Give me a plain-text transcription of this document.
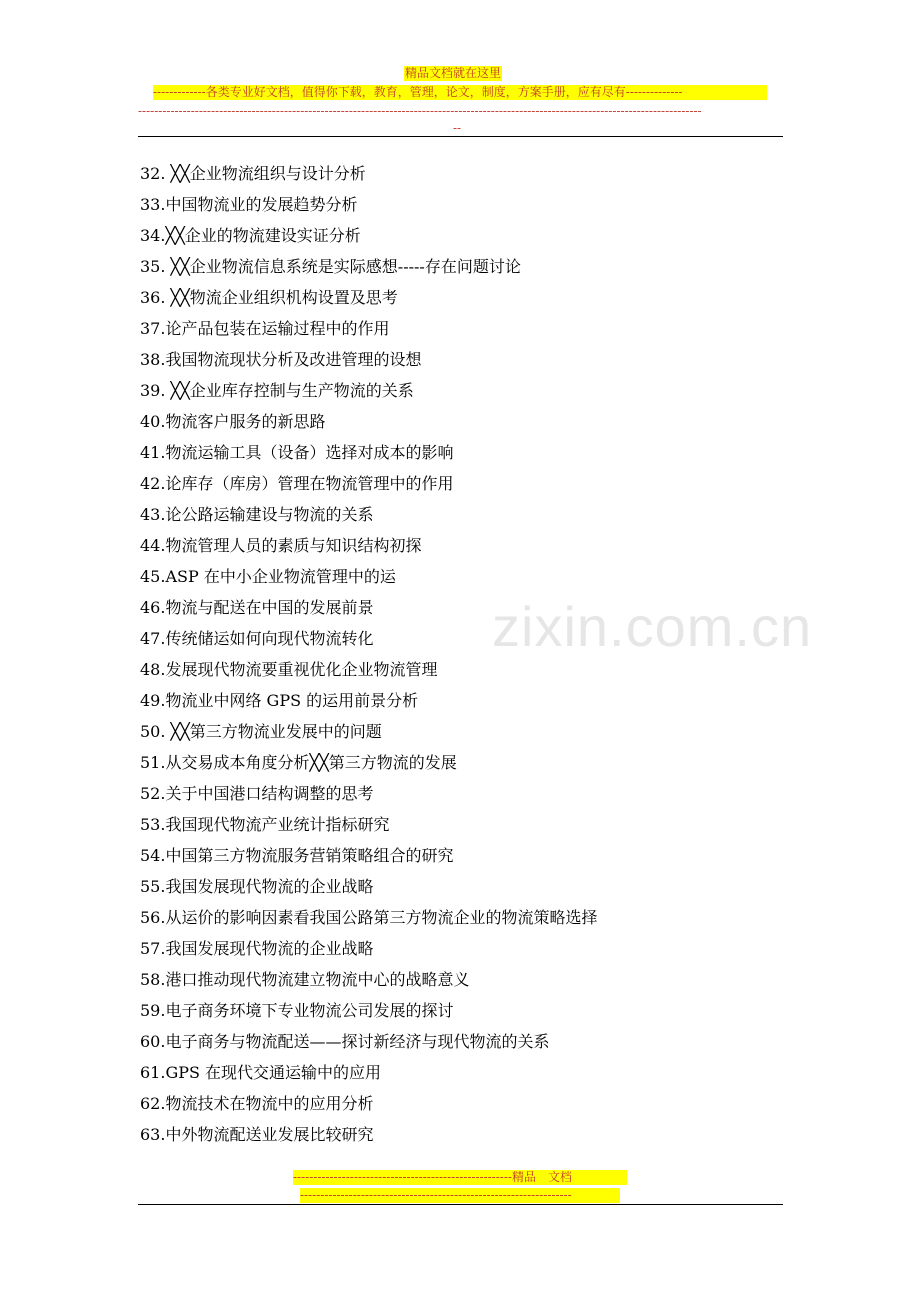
精品文档就在这里
-------------各类专业好文档，值得你下载，教育，管理，论文，制度，方案手册，应有尽有--------------
-------------------------------------------------------------------------------------------------------------------------------------------
--
zixin.com.cn
32. ╳╳企业物流组织与设计分析
33.中国物流业的发展趋势分析
34.╳╳企业的物流建设实证分析
35. ╳╳企业物流信息系统是实际感想-----存在问题讨论
36. ╳╳物流企业组织机构设置及思考
37.论产品包装在运输过程中的作用
38.我国物流现状分析及改进管理的设想
39. ╳╳企业库存控制与生产物流的关系
40.物流客户服务的新思路
41.物流运输工具（设备）选择对成本的影响
42.论库存（库房）管理在物流管理中的作用
43.论公路运输建设与物流的关系
44.物流管理人员的素质与知识结构初探
45.ASP 在中小企业物流管理中的运
46.物流与配送在中国的发展前景
47.传统储运如何向现代物流转化
48.发展现代物流要重视优化企业物流管理
49.物流业中网络 GPS 的运用前景分析
50. ╳╳第三方物流业发展中的问题
51.从交易成本角度分析╳╳第三方物流的发展
52.关于中国港口结构调整的思考
53.我国现代物流产业统计指标研究
54.中国第三方物流服务营销策略组合的研究
55.我国发展现代物流的企业战略
56.从运价的影响因素看我国公路第三方物流企业的物流策略选择
57.我国发展现代物流的企业战略
58.港口推动现代物流建立物流中心的战略意义
59.电子商务环境下专业物流公司发展的探讨
60.电子商务与物流配送——探讨新经济与现代物流的关系
61.GPS 在现代交通运输中的应用
62.物流技术在物流中的应用分析
63.中外物流配送业发展比较研究
------------------------------------------------------精品　文档
-------------------------------------------------------------------
